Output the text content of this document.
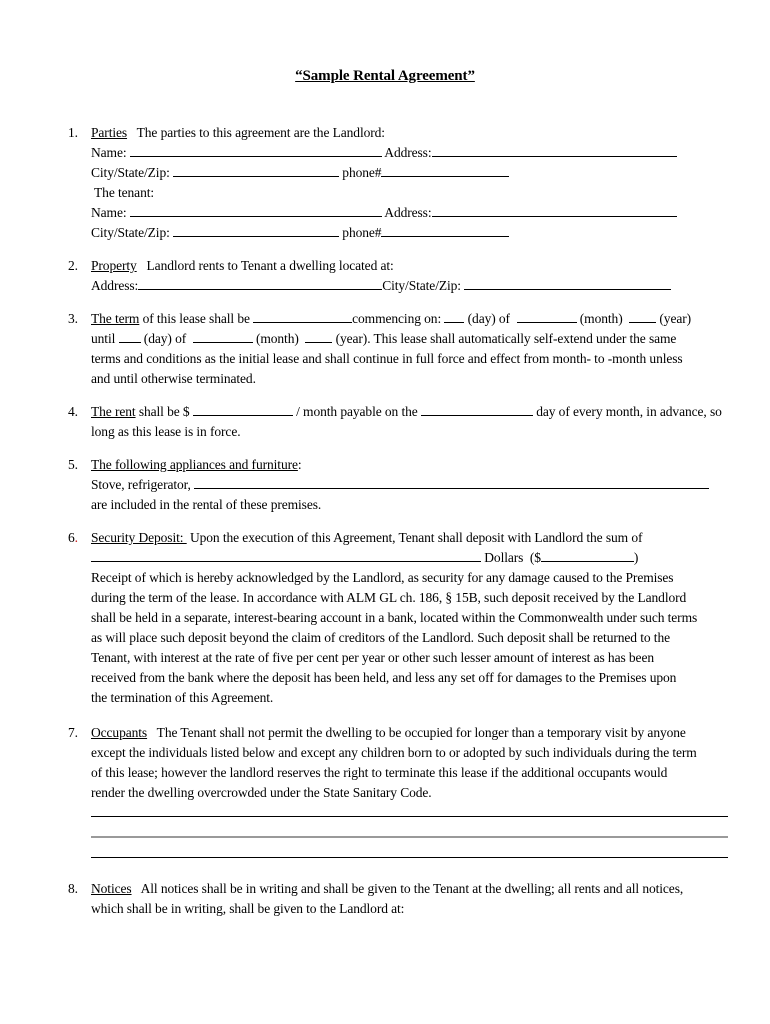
“Sample Rental Agreement”
1. Parties   The parties to this agreement are the Landlord:
Name:	Address:
City/State/Zip:	phone#
The tenant:
Name:	Address:
City/State/Zip:	phone#
2. Property   Landlord rents to Tenant a dwelling located at:
Address:	City/State/Zip:
3. The term of this lease shall be	commencing on:  (day) of	(month)   (year)
until  (day) of	(month)   (year). This lease shall automatically self-extend under the same
terms and conditions as the initial lease and shall continue in full force and effect from month- to -month unless
and until otherwise terminated.
4. The rent shall be $	/ month payable on the	day of every month, in advance, so
long as this lease is in force.
5. The following appliances and furniture:
Stove, refrigerator,
are included in the rental of these premises.
6. Security Deposit:  Upon the execution of this Agreement, Tenant shall deposit with Landlord the sum of
Dollars  ($	)
Receipt of which is hereby acknowledged by the Landlord, as security for any damage caused to the Premises
during the term of the lease. In accordance with ALM GL ch. 186, § 15B, such deposit received by the Landlord
shall be held in a separate, interest-bearing account in a bank, located within the Commonwealth under such terms
as will place such deposit beyond the claim of creditors of the Landlord. Such deposit shall be returned to the
Tenant, with interest at the rate of five per cent per year or other such lesser amount of interest as has been
received from the bank where the deposit has been held, and less any set off for damages to the Premises upon
the termination of this Agreement.
7. Occupants   The Tenant shall not permit the dwelling to be occupied for longer than a temporary visit by anyone
except the individuals listed below and except any children born to or adopted by such individuals during the term
of this lease; however the landlord reserves the right to terminate this lease if the additional occupants would
render the dwelling overcrowded under the State Sanitary Code.
8. Notices   All notices shall be in writing and shall be given to the Tenant at the dwelling; all rents and all notices,
which shall be in writing, shall be given to the Landlord at:
